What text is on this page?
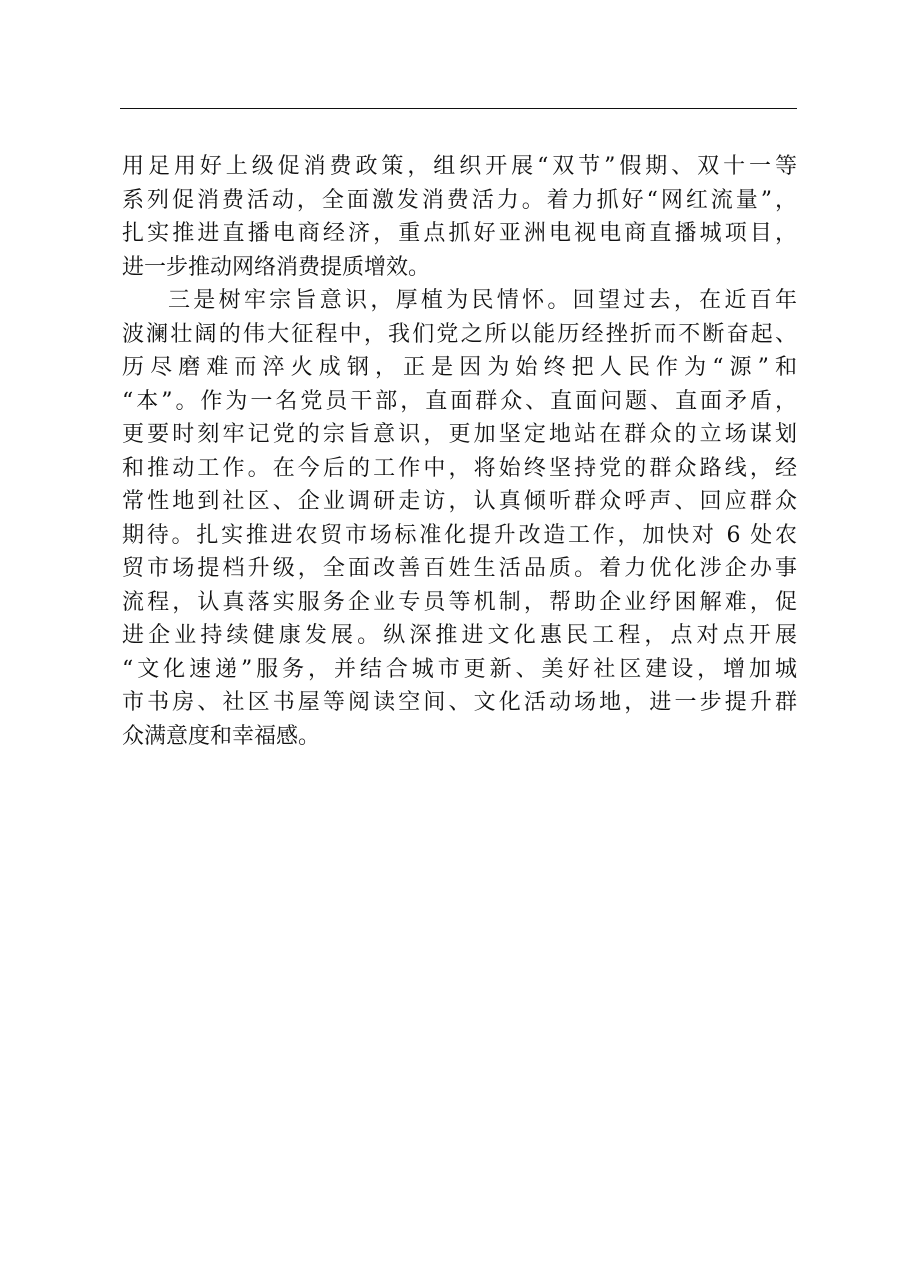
用足用好上级促消费政策，组织开展“双节”假期、双十一等
系列促消费活动，全面激发消费活力。着力抓好“网红流量”，
扎实推进直播电商经济，重点抓好亚洲电视电商直播城项目，
进一步推动网络消费提质增效。
三是树牢宗旨意识，厚植为民情怀。回望过去，在近百年
波澜壮阔的伟大征程中，我们党之所以能历经挫折而不断奋起、
历尽磨难而淬火成钢，正是因为始终把人民作为“源”和
“本”。作为一名党员干部，直面群众、直面问题、直面矛盾，
更要时刻牢记党的宗旨意识，更加坚定地站在群众的立场谋划
和推动工作。在今后的工作中，将始终坚持党的群众路线，经
常性地到社区、企业调研走访，认真倾听群众呼声、回应群众
期待。扎实推进农贸市场标准化提升改造工作，加快对 6 处农
贸市场提档升级，全面改善百姓生活品质。着力优化涉企办事
流程，认真落实服务企业专员等机制，帮助企业纾困解难，促
进企业持续健康发展。纵深推进文化惠民工程，点对点开展
“文化速递”服务，并结合城市更新、美好社区建设，增加城
市书房、社区书屋等阅读空间、文化活动场地，进一步提升群
众满意度和幸福感。
